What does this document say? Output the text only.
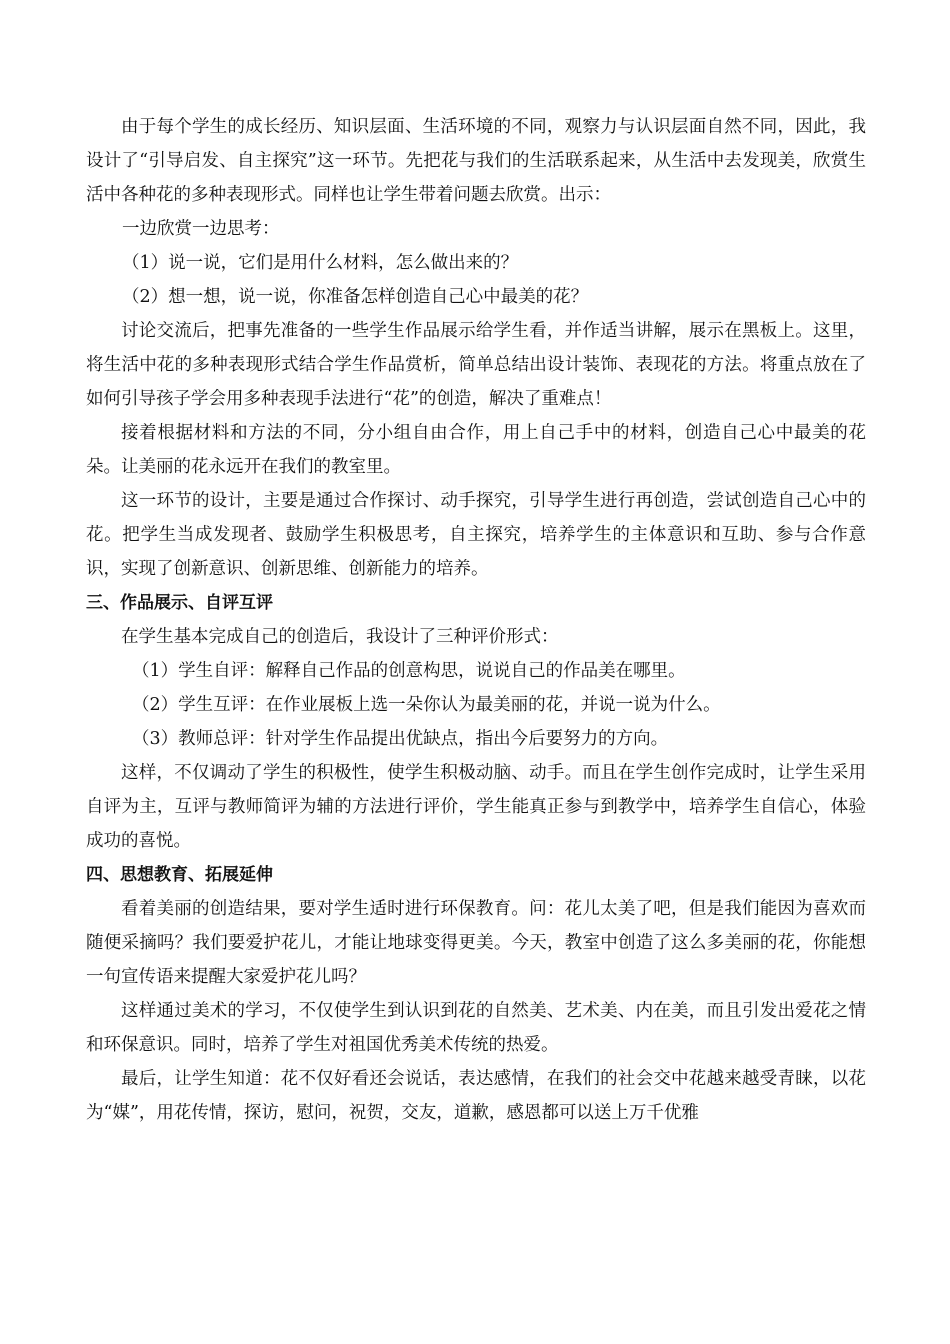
由于每个学生的成长经历、知识层面、生活环境的不同，观察力与认识层面自然不同，因此，我设计了“引导启发、自主探究”这一环节。先把花与我们的生活联系起来，从生活中去发现美，欣赏生活中各种花的多种表现形式。同样也让学生带着问题去欣赏。出示：

一边欣赏一边思考：

（1）说一说，它们是用什么材料，怎么做出来的？

（2）想一想，说一说，你准备怎样创造自己心中最美的花？

讨论交流后，把事先准备的一些学生作品展示给学生看，并作适当讲解，展示在黑板上。这里，将生活中花的多种表现形式结合学生作品赏析，简单总结出设计装饰、表现花的方法。将重点放在了如何引导孩子学会用多种表现手法进行“花”的创造，解决了重难点！

接着根据材料和方法的不同，分小组自由合作，用上自己手中的材料，创造自己心中最美的花朵。让美丽的花永远开在我们的教室里。

这一环节的设计，主要是通过合作探讨、动手探究，引导学生进行再创造，尝试创造自己心中的花。把学生当成发现者、鼓励学生积极思考，自主探究，培养学生的主体意识和互助、参与合作意识，实现了创新意识、创新思维、创新能力的培养。

三、作品展示、自评互评

在学生基本完成自己的创造后，我设计了三种评价形式：

（1）学生自评：解释自己作品的创意构思，说说自己的作品美在哪里。

（2）学生互评：在作业展板上选一朵你认为最美丽的花，并说一说为什么。

（3）教师总评：针对学生作品提出优缺点，指出今后要努力的方向。

这样，不仅调动了学生的积极性，使学生积极动脑、动手。而且在学生创作完成时，让学生采用自评为主，互评与教师简评为辅的方法进行评价，学生能真正参与到教学中，培养学生自信心，体验成功的喜悦。

四、思想教育、拓展延伸

看着美丽的创造结果，要对学生适时进行环保教育。问：花儿太美了吧，但是我们能因为喜欢而随便采摘吗？我们要爱护花儿，才能让地球变得更美。今天，教室中创造了这么多美丽的花，你能想一句宣传语来提醒大家爱护花儿吗？

这样通过美术的学习，不仅使学生到认识到花的自然美、艺术美、内在美，而且引发出爱花之情和环保意识。同时，培养了学生对祖国优秀美术传统的热爱。

最后，让学生知道：花不仅好看还会说话，表达感情，在我们的社会交中花越来越受青睐，以花为“媒”，用花传情，探访，慰问，祝贺，交友，道歉，感恩都可以送上万千优雅
